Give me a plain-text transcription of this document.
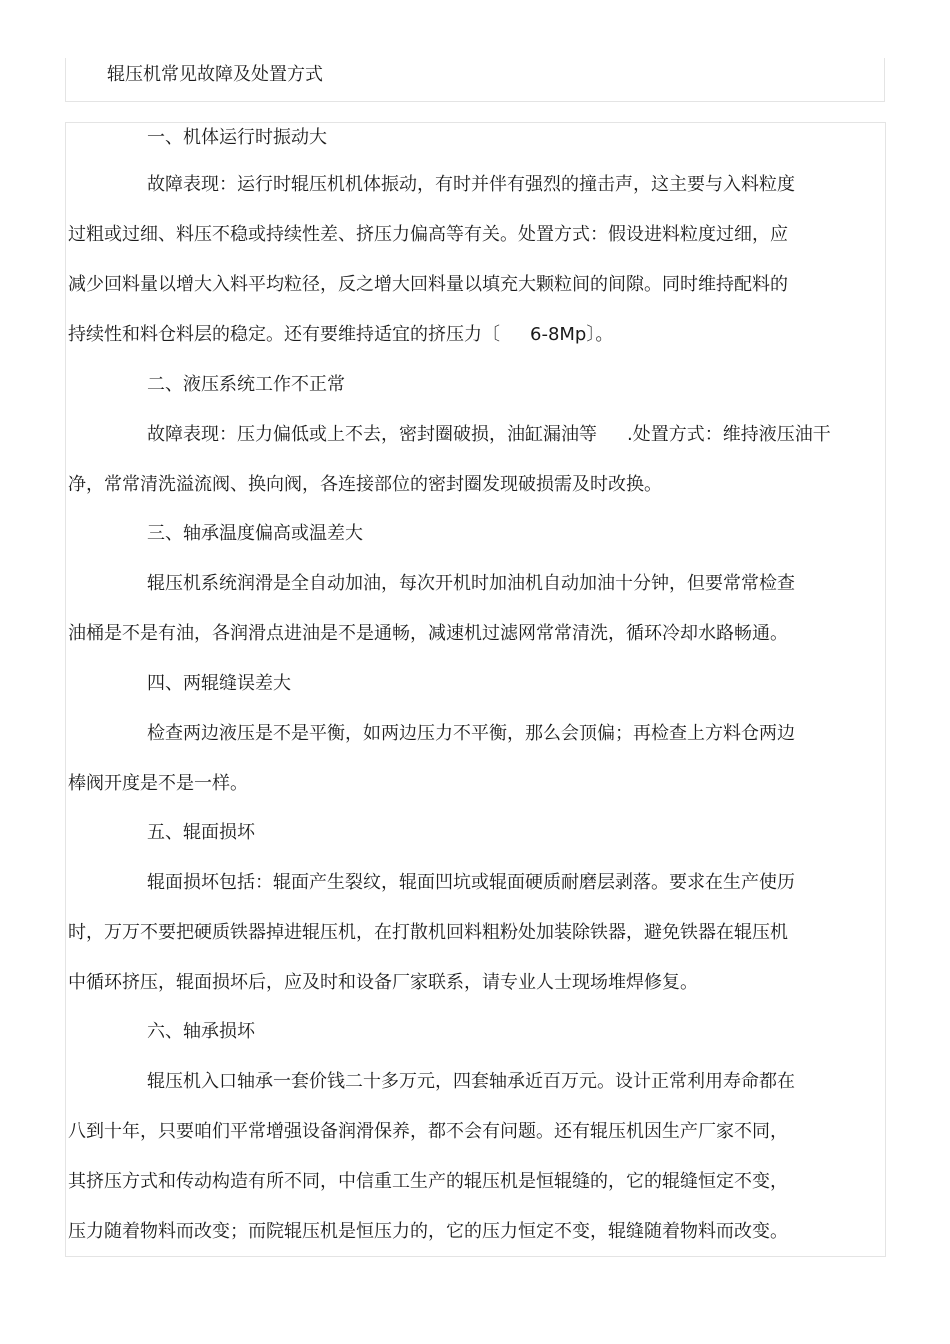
辊压机常见故障及处置方式
一、机体运行时振动大
故障表现：运行时辊压机机体振动，有时并伴有强烈的撞击声，这主要与入料粒度
过粗或过细、料压不稳或持续性差、挤压力偏高等有关。处置方式：假设进料粒度过细，应
减少回料量以增大入料平均粒径，反之增大回料量以填充大颗粒间的间隙。同时维持配料的
持续性和料仓料层的稳定。还有要维持适宜的挤压力〔 6-8Mp〕。
二、液压系统工作不正常
故障表现：压力偏低或上不去，密封圈破损，油缸漏油等 .处置方式：维持液压油干
净，常常清洗溢流阀、换向阀，各连接部位的密封圈发现破损需及时改换。
三、轴承温度偏高或温差大
辊压机系统润滑是全自动加油，每次开机时加油机自动加油十分钟，但要常常检查
油桶是不是有油，各润滑点进油是不是通畅，减速机过滤网常常清洗，循环冷却水路畅通。
四、两辊缝误差大
检查两边液压是不是平衡，如两边压力不平衡，那么会顶偏；再检查上方料仓两边
棒阀开度是不是一样。
五、辊面损坏
辊面损坏包括：辊面产生裂纹，辊面凹坑或辊面硬质耐磨层剥落。要求在生产使历
时，万万不要把硬质铁器掉进辊压机，在打散机回料粗粉处加装除铁器，避免铁器在辊压机
中循环挤压，辊面损坏后，应及时和设备厂家联系，请专业人士现场堆焊修复。
六、轴承损坏
辊压机入口轴承一套价钱二十多万元，四套轴承近百万元。设计正常利用寿命都在
八到十年，只要咱们平常增强设备润滑保养，都不会有问题。还有辊压机因生产厂家不同，
其挤压方式和传动构造有所不同，中信重工生产的辊压机是恒辊缝的，它的辊缝恒定不变，
压力随着物料而改变；而院辊压机是恒压力的，它的压力恒定不变，辊缝随着物料而改变。
